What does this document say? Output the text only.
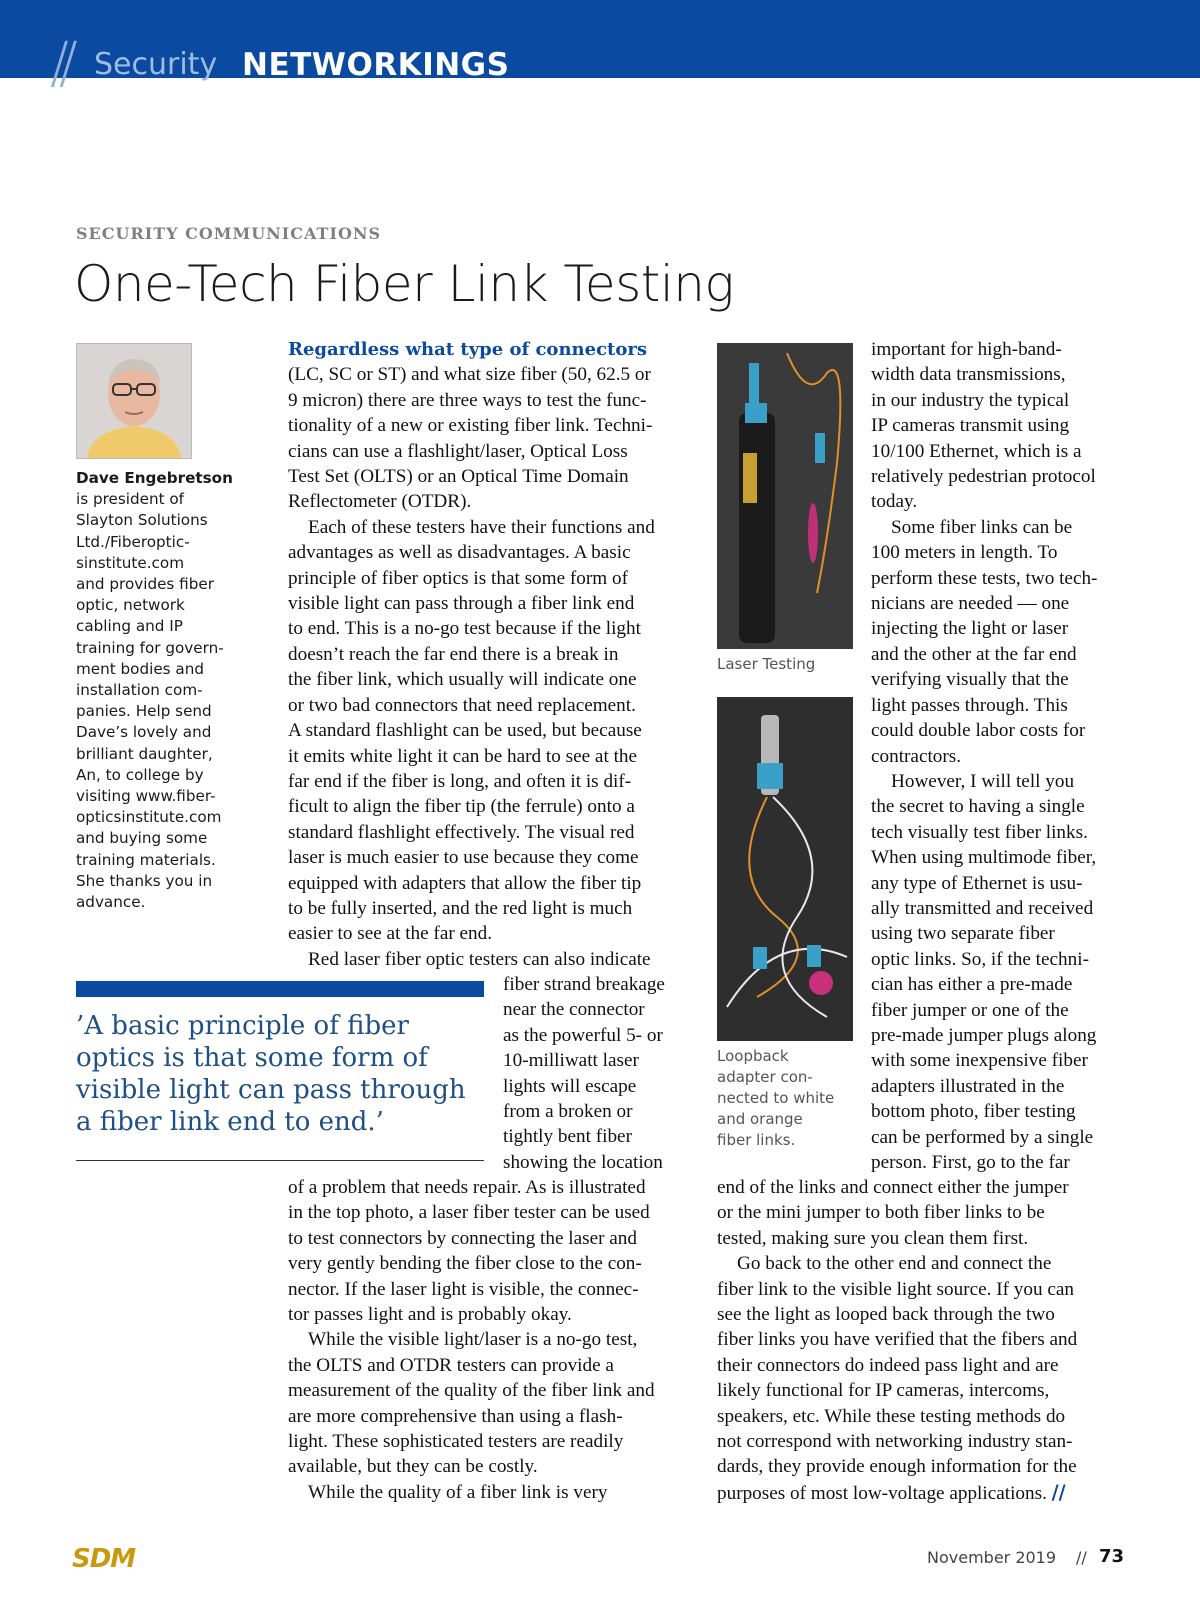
// Security NETWORKINGS
SECURITY COMMUNICATIONS
One-Tech Fiber Link Testing
Dave Engebretson
is president of
Slayton Solutions
Ltd./Fiberoptic-
sinstitute.com
and provides fiber
optic, network
cabling and IP
training for govern-
ment bodies and
installation com-
panies. Help send
Dave’s lovely and
brilliant daughter,
An, to college by
visiting www.fiber-
opticsinstitute.com
and buying some
training materials.
She thanks you in
advance.
’A basic principle of fiber optics is that some form of visible light can pass through a fiber link end to end.’
Regardless what type of connectors
(LC, SC or ST) and what size fiber (50, 62.5 or
9 micron) there are three ways to test the func-
tionality of a new or existing fiber link. Techni-
cians can use a flashlight/laser, Optical Loss
Test Set (OLTS) or an Optical Time Domain
Reflectometer (OTDR).
Each of these testers have their functions and
advantages as well as disadvantages. A basic
principle of fiber optics is that some form of
visible light can pass through a fiber link end
to end. This is a no-go test because if the light
doesn’t reach the far end there is a break in
the fiber link, which usually will indicate one
or two bad connectors that need replacement.
A standard flashlight can be used, but because
it emits white light it can be hard to see at the
far end if the fiber is long, and often it is dif-
ficult to align the fiber tip (the ferrule) onto a
standard flashlight effectively. The visual red
laser is much easier to use because they come
equipped with adapters that allow the fiber tip
to be fully inserted, and the red light is much
easier to see at the far end.
Red laser fiber optic testers can also indicate
fiber strand breakage
near the connector
as the powerful 5- or
10-milliwatt laser
lights will escape
from a broken or
tightly bent fiber
showing the location
of a problem that needs repair. As is illustrated
in the top photo, a laser fiber tester can be used
to test connectors by connecting the laser and
very gently bending the fiber close to the con-
nector. If the laser light is visible, the connec-
tor passes light and is probably okay.
While the visible light/laser is a no-go test,
the OLTS and OTDR testers can provide a
measurement of the quality of the fiber link and
are more comprehensive than using a flash-
light. These sophisticated testers are readily
available, but they can be costly.
While the quality of a fiber link is very
Laser Testing
Loopback
adapter con-
nected to white
and orange
fiber links.
important for high-band-
width data transmissions,
in our industry the typical
IP cameras transmit using
10/100 Ethernet, which is a
relatively pedestrian protocol
today.
Some fiber links can be
100 meters in length. To
perform these tests, two tech-
nicians are needed — one
injecting the light or laser
and the other at the far end
verifying visually that the
light passes through. This
could double labor costs for
contractors.
However, I will tell you
the secret to having a single
tech visually test fiber links.
When using multimode fiber,
any type of Ethernet is usu-
ally transmitted and received
using two separate fiber
optic links. So, if the techni-
cian has either a pre-made
fiber jumper or one of the
pre-made jumper plugs along
with some inexpensive fiber
adapters illustrated in the
bottom photo, fiber testing
can be performed by a single
person. First, go to the far
end of the links and connect either the jumper
or the mini jumper to both fiber links to be
tested, making sure you clean them first.
Go back to the other end and connect the
fiber link to the visible light source. If you can
see the light as looped back through the two
fiber links you have verified that the fibers and
their connectors do indeed pass light and are
likely functional for IP cameras, intercoms,
speakers, etc. While these testing methods do
not correspond with networking industry stan-
dards, they provide enough information for the
purposes of most low-voltage applications. //
SDM	November 2019 // 73
